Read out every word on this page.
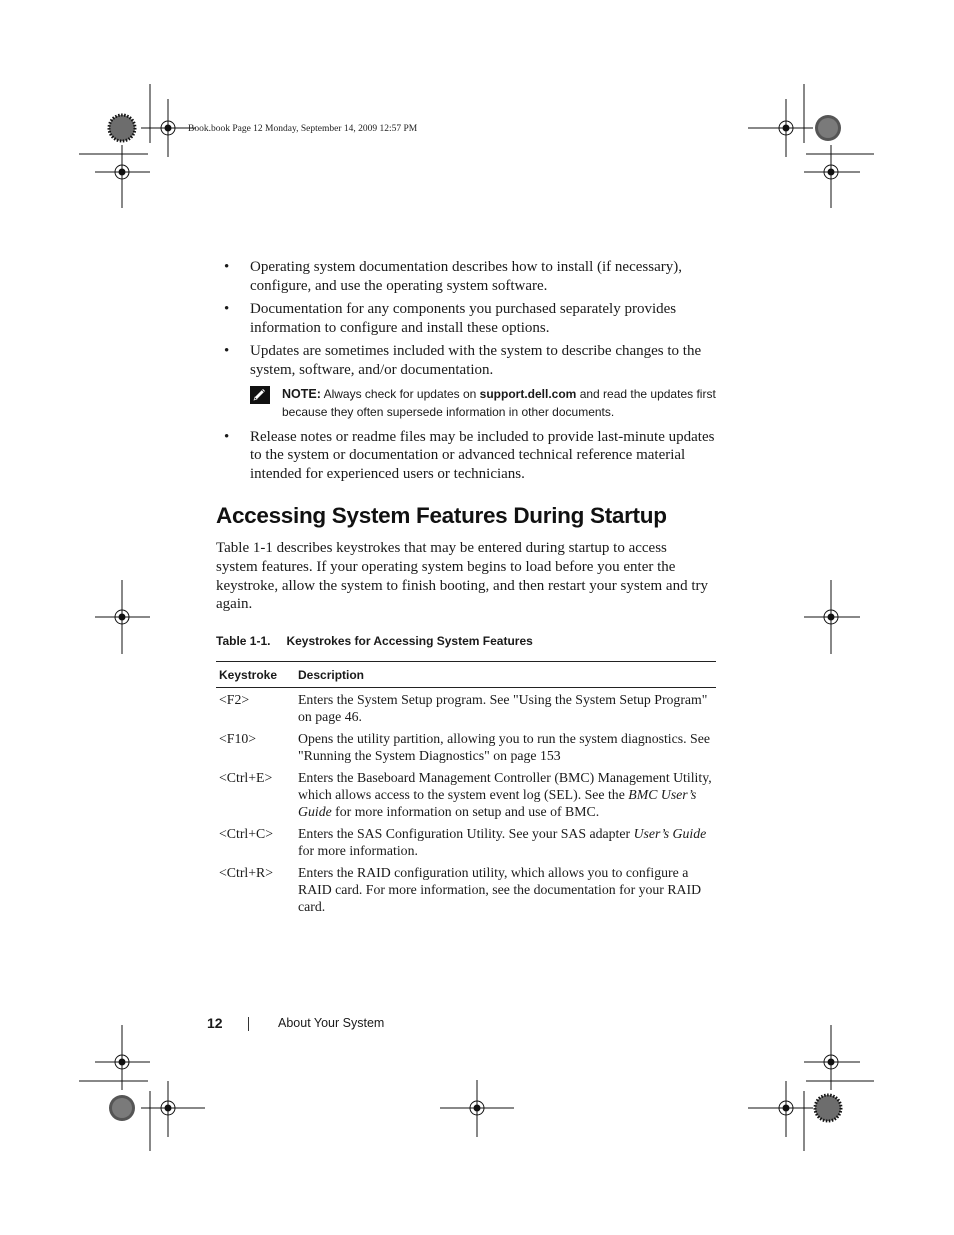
Book.book Page 12 Monday, September 14, 2009 12:57 PM
• Operating system documentation describes how to install (if necessary), configure, and use the operating system software.
• Documentation for any components you purchased separately provides information to configure and install these options.
• Updates are sometimes included with the system to describe changes to the system, software, and/or documentation.
NOTE: Always check for updates on support.dell.com and read the updates first because they often supersede information in other documents.
• Release notes or readme files may be included to provide last-minute updates to the system or documentation or advanced technical reference material intended for experienced users or technicians.
Accessing System Features During Startup
Table 1-1 describes keystrokes that may be entered during startup to access system features. If your operating system begins to load before you enter the keystroke, allow the system to finish booting, and then restart your system and try again.
Table 1-1. Keystrokes for Accessing System Features
Keystroke	Description
<F2>	Enters the System Setup program. See "Using the System Setup Program" on page 46.
<F10>	Opens the utility partition, allowing you to run the system diagnostics. See "Running the System Diagnostics" on page 153
<Ctrl+E>	Enters the Baseboard Management Controller (BMC) Management Utility, which allows access to the system event log (SEL). See the BMC User’s Guide for more information on setup and use of BMC.
<Ctrl+C>	Enters the SAS Configuration Utility. See your SAS adapter User’s Guide for more information.
<Ctrl+R>	Enters the RAID configuration utility, which allows you to configure a RAID card. For more information, see the documentation for your RAID card.
12	About Your System
